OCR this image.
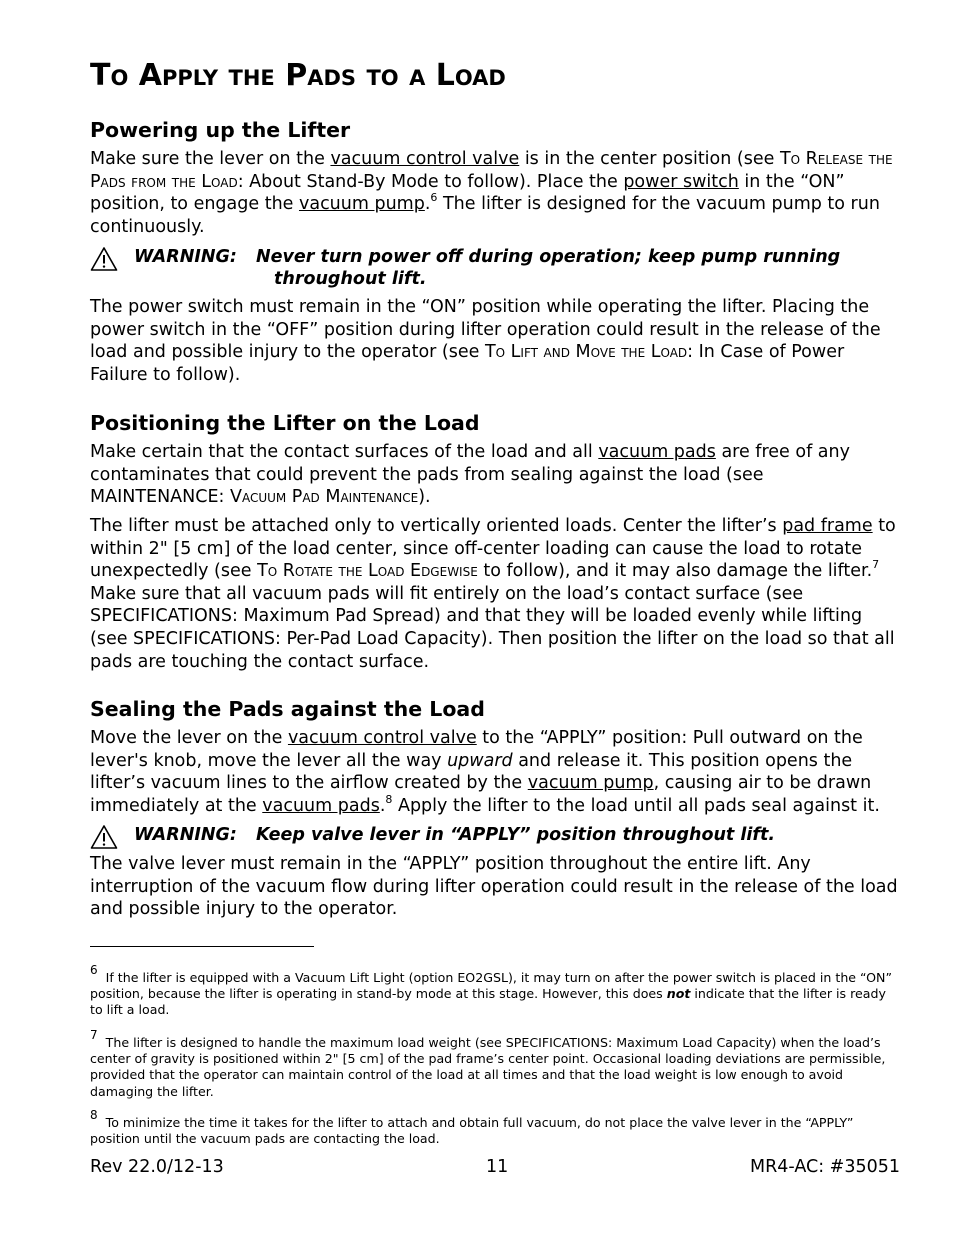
To Apply the Pads to a Load
Powering up the Lifter

Make sure the lever on the vacuum control valve is in the center position (see To Release the Pads from the Load: About Stand-By Mode to follow). Place the power switch in the “ON” position, to engage the vacuum pump.$^6$ The lifter is designed for the vacuum pump to run continuously.

WARNING: Never turn power off during operation; keep pump running
throughout lift.

The power switch must remain in the “ON” position while operating the lifter. Placing the power switch in the “OFF” position during lifter operation could result in the release of the load and possible injury to the operator (see To Lift and Move the Load: In Case of Power Failure to follow).

Positioning the Lifter on the Load

Make certain that the contact surfaces of the load and all vacuum pads are free of any contaminates that could prevent the pads from sealing against the load (see MAINTENANCE: Vacuum Pad Maintenance).

The lifter must be attached only to vertically oriented loads. Center the lifter’s pad frame to within 2" [5 cm] of the load center, since off-center loading can cause the load to rotate unexpectedly (see To Rotate the Load Edgewise to follow), and it may also damage the lifter.$^7$ Make sure that all vacuum pads will fit entirely on the load’s contact surface (see SPECIFICATIONS: Maximum Pad Spread) and that they will be loaded evenly while lifting (see SPECIFICATIONS: Per-Pad Load Capacity). Then position the lifter on the load so that all pads are touching the contact surface.

Sealing the Pads against the Load

Move the lever on the vacuum control valve to the “APPLY” position: Pull outward on the lever's knob, move the lever all the way upward and release it. This position opens the lifter’s vacuum lines to the airflow created by the vacuum pump, causing air to be drawn immediately at the vacuum pads.$^8$ Apply the lifter to the load until all pads seal against it.

WARNING: Keep valve lever in “APPLY” position throughout lift.

The valve lever must remain in the “APPLY” position throughout the entire lift. Any interruption of the vacuum flow during lifter operation could result in the release of the load and possible injury to the operator.

$^6$ If the lifter is equipped with a Vacuum Lift Light (option EO2GSL), it may turn on after the power switch is placed in the “ON” position, because the lifter is operating in stand-by mode at this stage. However, this does not indicate that the lifter is ready to lift a load.

$^7$ The lifter is designed to handle the maximum load weight (see SPECIFICATIONS: Maximum Load Capacity) when the load’s center of gravity is positioned within 2" [5 cm] of the pad frame’s center point. Occasional loading deviations are permissible, provided that the operator can maintain control of the load at all times and that the load weight is low enough to avoid damaging the lifter.

$^8$ To minimize the time it takes for the lifter to attach and obtain full vacuum, do not place the valve lever in the “APPLY” position until the vacuum pads are contacting the load.

Rev 22.0/12-13	11	MR4-AC: #35051
